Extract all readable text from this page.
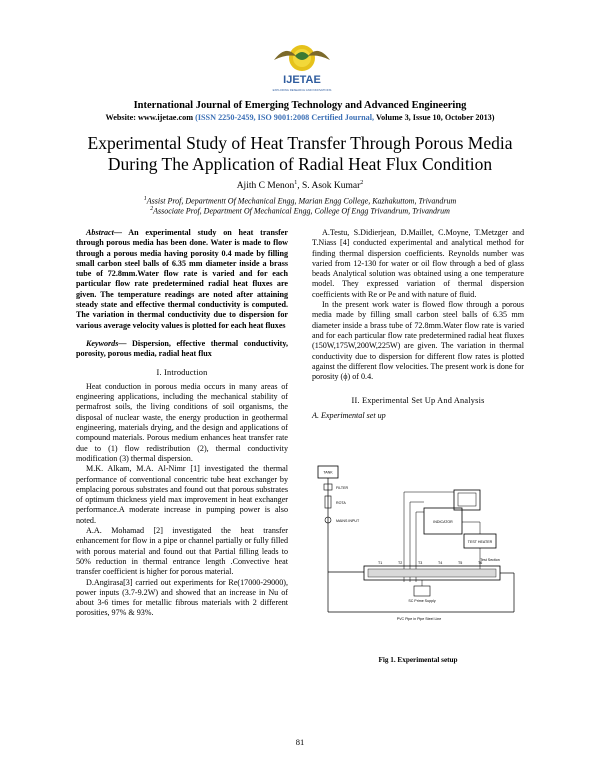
IJETAE
EXPLORING RESEARCH AND INNOVATIONS
International Journal of Emerging Technology and Advanced Engineering
Website: www.ijetae.com (ISSN 2250-2459, ISO 9001:2008 Certified Journal, Volume 3, Issue 10, October 2013)
Experimental Study of Heat Transfer Through Porous Media
During The Application of Radial Heat Flux Condition
Ajith C Menon$^1$, S. Asok Kumar$^2$
$^1$Assist Prof, Departmentt Of Mechanical Engg, Marian Engg College, Kazhakuttom, Trivandrum
$^2$Associate Prof, Department Of Mechanical Engg, College Of Engg Trivandrum, Trivandrum

Abstract— An experimental study on heat transfer through porous media has been done. Water is made to flow through a porous media having porosity 0.4 made by filling small carbon steel balls of 6.35 mm diameter inside a brass tube of 72.8mm.Water flow rate is varied and for each particular flow rate predetermined radial heat fluxes are given. The temperature readings are noted after attaining steady state and effective thermal conductivity is computed. The variation in thermal conductivity due to dispersion for various average velocity values is plotted for each heat fluxes

Keywords— Dispersion, effective thermal conductivity, porosity, porous media, radial heat flux

I. Introduction

Heat conduction in porous media occurs in many areas of engineering applications, including the mechanical stability of permafrost soils, the living conditions of soil organisms, the disposal of nuclear waste, the energy production in geothermal engineering, materials drying, and the design and applications of compound materials. Porous medium enhances heat transfer rate due to (1) flow redistribution (2), thermal conductivity modification (3) thermal dispersion.

M.K. Alkam, M.A. Al-Nimr [1] investigated the thermal performance of conventional concentric tube heat exchanger by emplacing porous substrates and found out that porous substrates of optimum thickness yield max improvement in heat exchanger performance.A moderate increase in pumping power is also noted.

A.A. Mohamad [2] investigated the heat transfer enhancement for flow in a pipe or channel partially or fully filled with porous material and found out that Partial filling leads to 50% reduction in thermal entrance length .Convective heat transfer coefficient is higher for porous material.

D.Angirasa[3] carried out experiments for Re(17000-29000), power inputs (3.7-9.2W) and showed that an increase in Nu of about 3-6 times for metallic fibrous materials with 2 different porosities, 97% & 93%.

A.Testu, S.Didierjean, D.Maillet, C.Moyne, T.Metzger and T.Niass [4] conducted experimental and analytical method for finding thermal dispersion coefficients. Reynolds number was varied from 12-130 for water or oil flow through a bed of glass beads Analytical solution was obtained using a one temperature model. They expressed variation of thermal dispersion coefficients with Re or Pe and with nature of fluid.

In the present work water is flowed flow through a porous media made by filling small carbon steel balls of 6.35 mm diameter inside a brass tube of 72.8mm.Water flow rate is varied and for each particular flow rate predetermined radial heat fluxes (150W,175W,200W,225W) are given. The variation in thermal conductivity due to dispersion for different flow rates is plotted against the different flow velocities. The present work is done for porosity (ϕ) of 0.4.

II. Experimental Set Up And Analysis

A. Experimental set up

TANK
FILTER
ROTA
MAINS INPUT	INDICATOR
TEST HEATER
Test Section
T1	T2	T3	T4	T5	T6
SC Prime Supply
PVC Pipe in Pipe Steel Line
Fig 1. Experimental setup
81
